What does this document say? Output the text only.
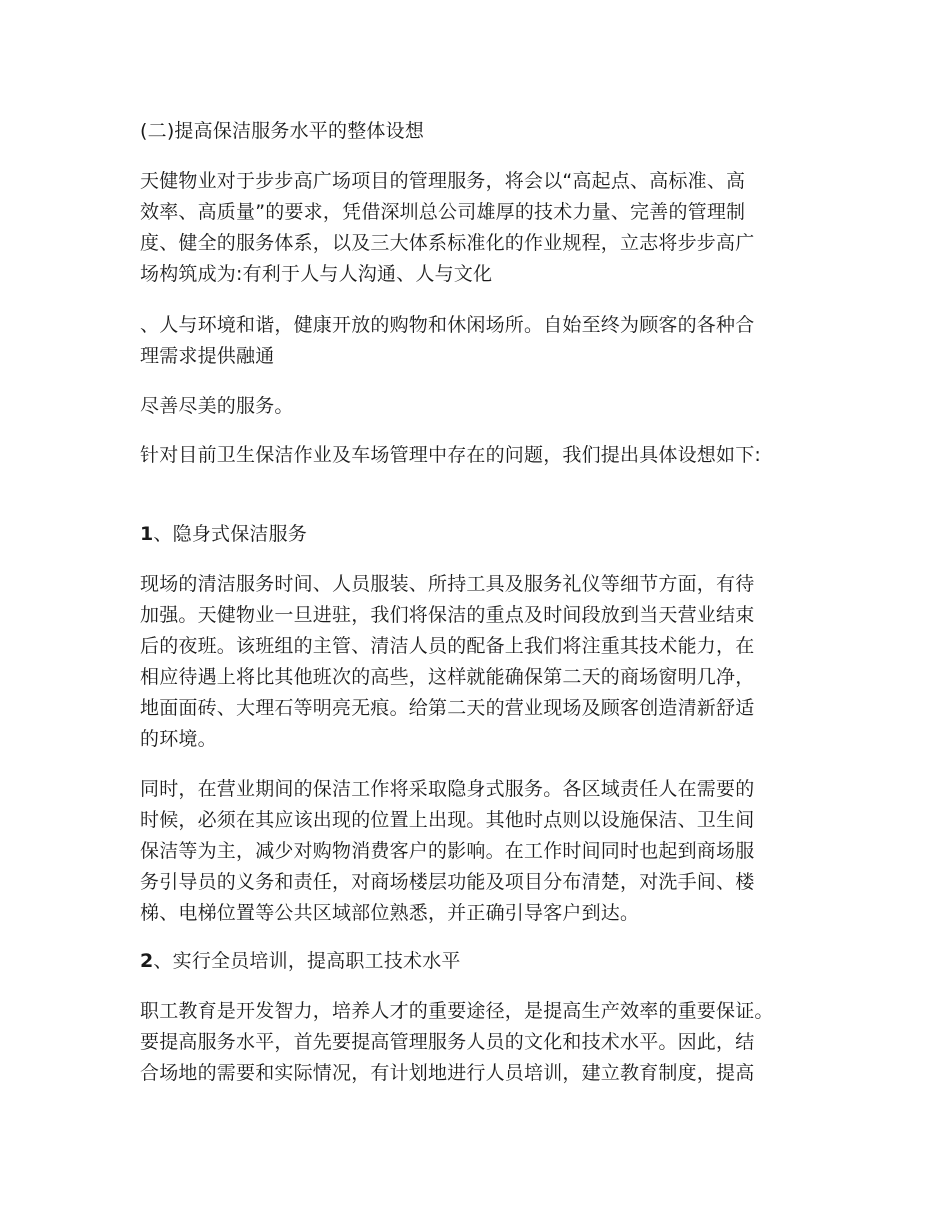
(二)提高保洁服务水平的整体设想

天健物业对于步步高广场项目的管理服务，将会以“高起点、高标准、高

效率、高质量”的要求，凭借深圳总公司雄厚的技术力量、完善的管理制

度、健全的服务体系，以及三大体系标准化的作业规程，立志将步步高广

场构筑成为:有利于人与人沟通、人与文化

、人与环境和谐，健康开放的购物和休闲场所。自始至终为顾客的各种合

理需求提供融通

尽善尽美的服务。

针对目前卫生保洁作业及车场管理中存在的问题，我们提出具体设想如下:

1、隐身式保洁服务

现场的清洁服务时间、人员服装、所持工具及服务礼仪等细节方面，有待

加强。天健物业一旦进驻，我们将保洁的重点及时间段放到当天营业结束

后的夜班。该班组的主管、清洁人员的配备上我们将注重其技术能力，在

相应待遇上将比其他班次的高些，这样就能确保第二天的商场窗明几净，

地面面砖、大理石等明亮无痕。给第二天的营业现场及顾客创造清新舒适

的环境。

同时，在营业期间的保洁工作将采取隐身式服务。各区域责任人在需要的

时候，必须在其应该出现的位置上出现。其他时点则以设施保洁、卫生间

保洁等为主，减少对购物消费客户的影响。在工作时间同时也起到商场服

务引导员的义务和责任，对商场楼层功能及项目分布清楚，对洗手间、楼

梯、电梯位置等公共区域部位熟悉，并正确引导客户到达。

2、实行全员培训，提高职工技术水平

职工教育是开发智力，培养人才的重要途径，是提高生产效率的重要保证。

要提高服务水平，首先要提高管理服务人员的文化和技术水平。因此，结

合场地的需要和实际情况，有计划地进行人员培训，建立教育制度，提高
